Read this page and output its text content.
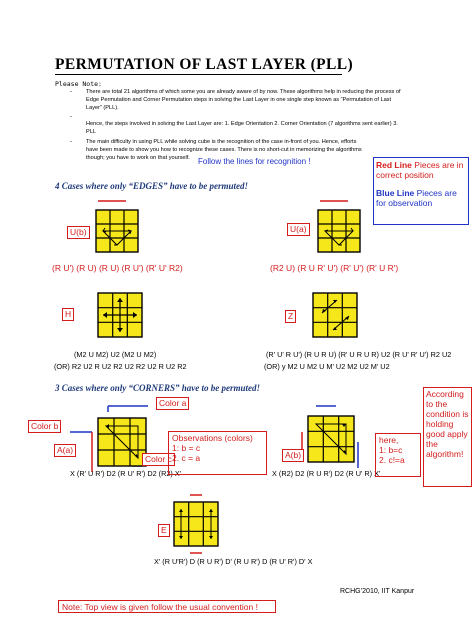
PERMUTATION OF LAST LAYER (PLL)
Please Note:
-	There are total 21 algorithms of which some you are already aware of by now. These algorithms help in reducing the process of Edge Permutation and Corner Permutation steps in solving the Last Layer in one single step known as “Permutation of Last Layer” (PLL).
-
Hence, the steps involved in solving the Last Layer are: 1. Edge Orientation 2. Corner Orientation (7 algorithms sent earlier) 3. PLL
-	The main difficulty in using PLL while solving cube is the recognition of the case in-front of you. Hence, efforts have been made to show you how to recognize these cases. There is no short-cut in memorizing the algorithms though; you have to work on that yourself.	Follow the lines for recognition !	Red Line Pieces are in correct position
Blue Line Pieces are for observation
4 Cases where only “EDGES” have to be permuted!
U(b)
(R U') (R U) (R U) (R U') (R' U' R2)
U(a)
(R2 U) (R U R' U') (R' U') (R' U R')
H
(M2 U M2) U2 (M2 U M2)
(OR) R2 U2 R U2 R2 U2 R2 U2 R U2 R2
Z
(R' U' R U') (R U R U) (R' U R U R) U2 (R U' R' U') R2 U2
(OR) y M2 U M2 U M' U2 M2 U2 M' U2
3 Cases where only “CORNERS” have to be permuted!
Color a
Color b
Color c
A(a)
X (R' U R') D2 (R U' R') D2 (R2) X'
Observations (colors)
1: b = c
2. c = a	A(b)
X (R2) D2 (R U R') D2 (R U' R) X'
here,
1: b=c
2. c!=a
According to the condition is holding good apply the algorithm!
E
X' (R U'R') D (R U R') D' (R U R') D (R U' R') D' X
RCHG’2010, IIT Kanpur
Note: Top view is given follow the usual convention !
